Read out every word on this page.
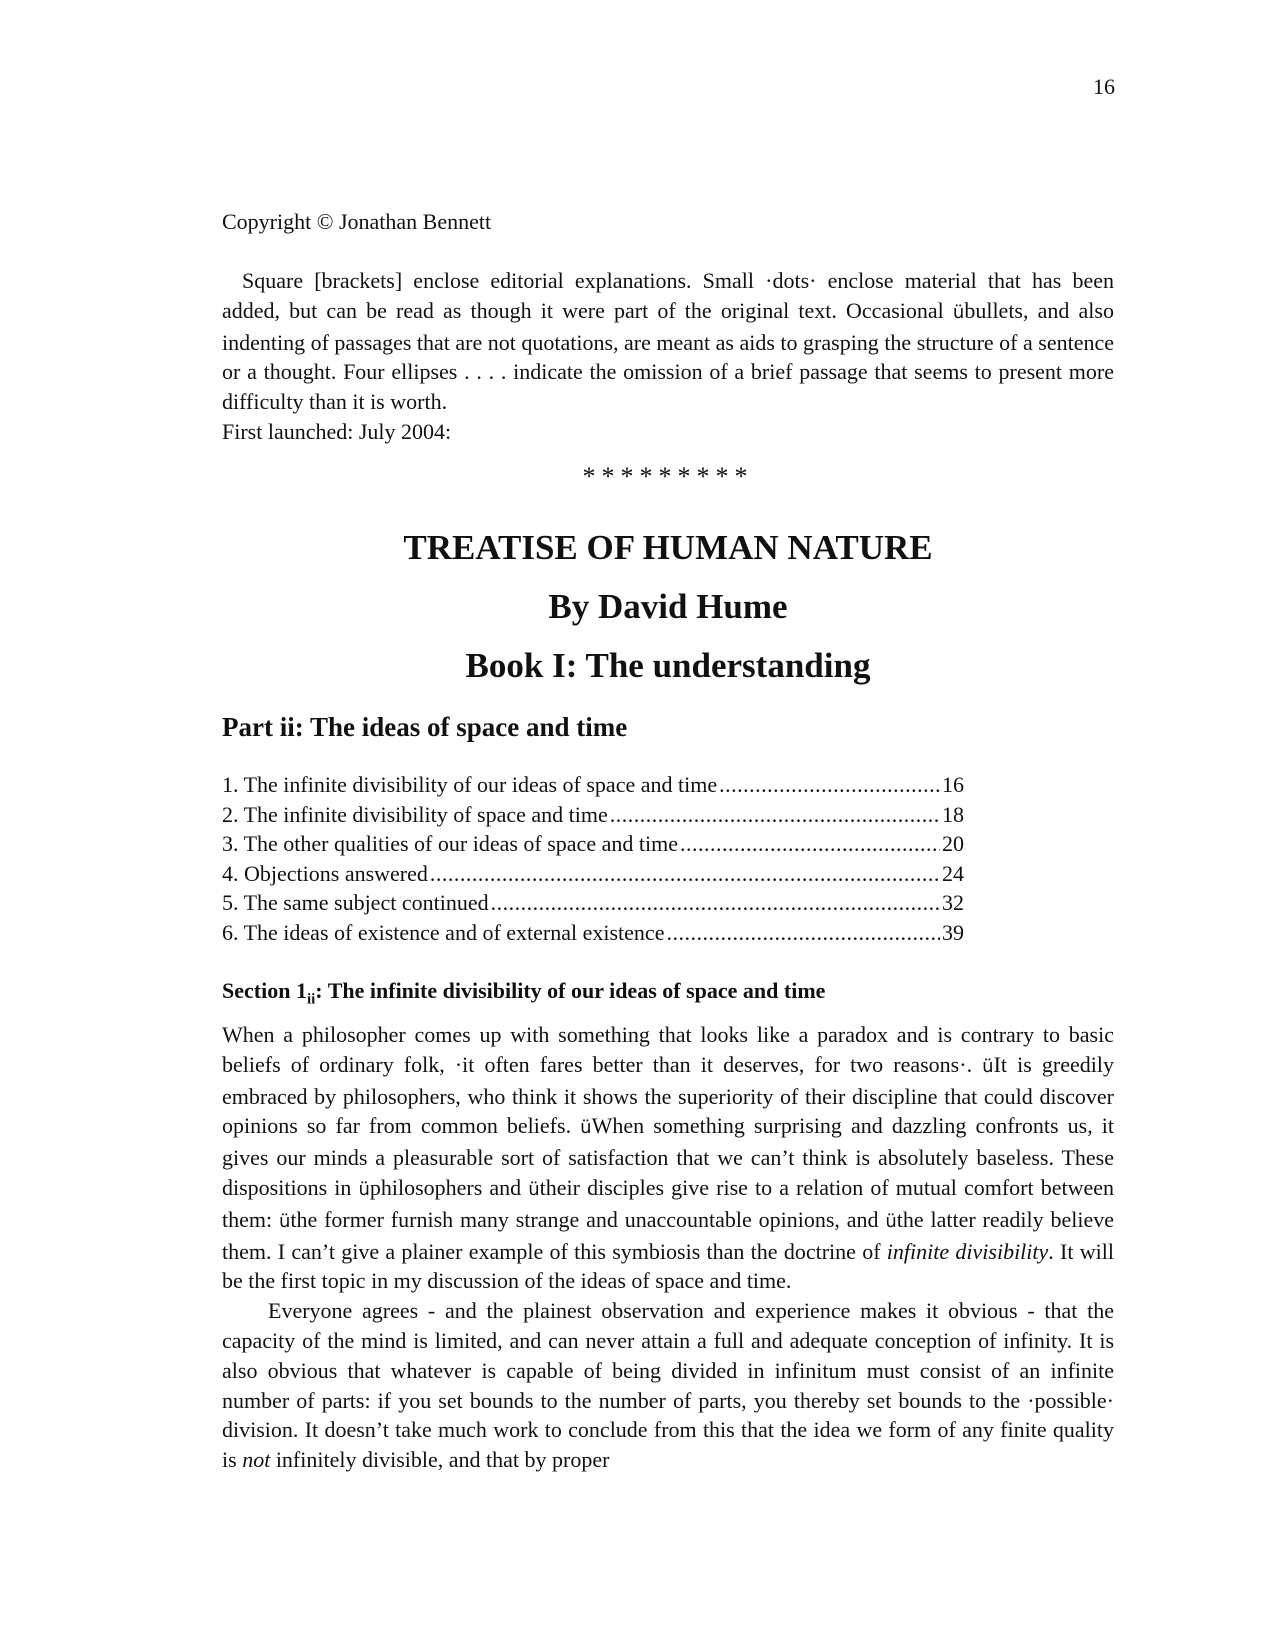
16
Copyright © Jonathan Bennett

Square [brackets] enclose editorial explanations. Small ·dots· enclose material that has been added, but can be read as though it were part of the original text. Occasional übullets, and also indenting of passages that are not quotations, are meant as aids to grasping the structure of a sentence or a thought. Four ellipses . . . . indicate the omission of a brief passage that seems to present more difficulty than it is worth.

First launched: July 2004:

*********
TREATISE OF HUMAN NATURE
By David Hume
Book I: The understanding
Part ii: The ideas of space and time
1. The infinite divisibility of our ideas of space and time .....	16
2. The infinite divisibility of space and time .....	18
3. The other qualities of our ideas of space and time .....	20
4. Objections answered .....	24
5. The same subject continued .....	32
6. The ideas of existence and of external existence .....	39
Section $1_{ii}$: The infinite divisibility of our ideas of space and time

When a philosopher comes up with something that looks like a paradox and is contrary to basic beliefs of ordinary folk, ·it often fares better than it deserves, for two reasons·. üIt is greedily embraced by philosophers, who think it shows the superiority of their discipline that could discover opinions so far from common beliefs. üWhen something surprising and dazzling confronts us, it gives our minds a pleasurable sort of satisfaction that we can’t think is absolutely baseless. These dispositions in üphilosophers and ütheir disciples give rise to a relation of mutual comfort between them: üthe former furnish many strange and unaccountable opinions, and üthe latter readily believe them. I can’t give a plainer example of this symbiosis than the doctrine of infinite divisibility. It will be the first topic in my discussion of the ideas of space and time.

Everyone agrees - and the plainest observation and experience makes it obvious - that the capacity of the mind is limited, and can never attain a full and adequate conception of infinity. It is also obvious that whatever is capable of being divided in infinitum must consist of an infinite number of parts: if you set bounds to the number of parts, you thereby set bounds to the ·possible· division. It doesn’t take much work to conclude from this that the idea we form of any finite quality is not infinitely divisible, and that by proper
